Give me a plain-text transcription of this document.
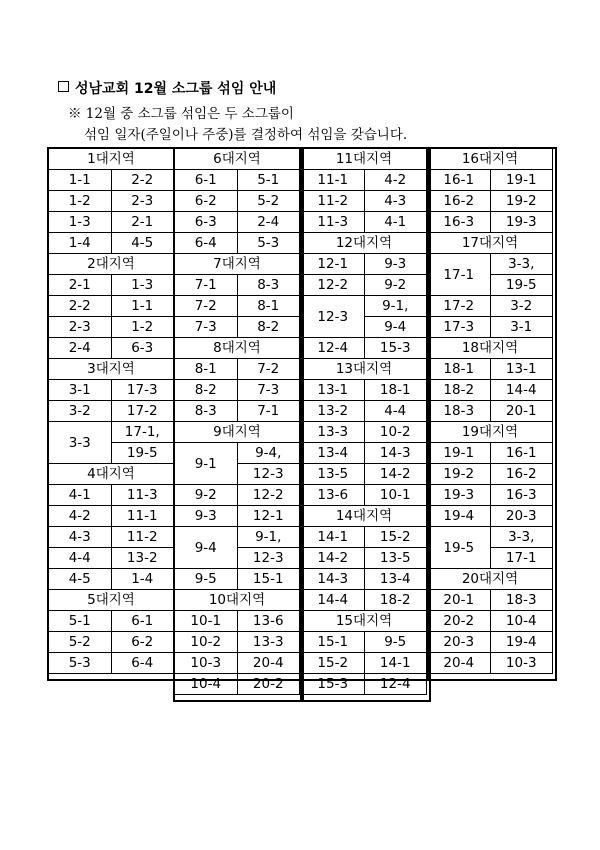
성남교회 12월 소그룹 섞임 안내
※ 12월 중 소그룹 섞임은 두 소그룹이
섞임 일자(주일이나 주중)를 결정하여 섞임을 갖습니다.
1대지역	
1-1	2-2
1-2	2-3
1-3	2-1
1-4	4-5
2대지역	
2-1	1-3
2-2	1-1
2-3	1-2
2-4	6-3
3대지역	
3-1	17-3
3-2	17-2
3-3	17-1,
	19-5
4대지역	
4-1	11-3
4-2	11-1
4-3	11-2
4-4	13-2
4-5	1-4
5대지역	
5-1	6-1
5-2	6-2
5-3	6-4
6대지역	
6-1	5-1
6-2	5-2
6-3	2-4
6-4	5-3
7대지역	
7-1	8-3
7-2	8-1
7-3	8-2
8대지역	
8-1	7-2
8-2	7-3
8-3	7-1
9대지역	
9-1	9-4,
	12-3
9-2	12-2
9-3	12-1
9-4	9-1,
	12-3
9-5	15-1
10대지역	
10-1	13-6
10-2	13-3
10-3	20-4
10-4	20-2
11대지역	
11-1	4-2
11-2	4-3
11-3	4-1
12대지역	
12-1	9-3
12-2	9-2
12-3	9-1,
	9-4
12-4	15-3
13대지역	
13-1	18-1
13-2	4-4
13-3	10-2
13-4	14-3
13-5	14-2
13-6	10-1
14대지역	
14-1	15-2
14-2	13-5
14-3	13-4
14-4	18-2
15대지역	
15-1	9-5
15-2	14-1
15-3	12-4
16대지역	
16-1	19-1
16-2	19-2
16-3	19-3
17대지역	
17-1	3-3,
	19-5
17-2	3-2
17-3	3-1
18대지역	
18-1	13-1
18-2	14-4
18-3	20-1
19대지역	
19-1	16-1
19-2	16-2
19-3	16-3
19-4	20-3
19-5	3-3,
	17-1
20대지역	
20-1	18-3
20-2	10-4
20-3	19-4
20-4	10-3
